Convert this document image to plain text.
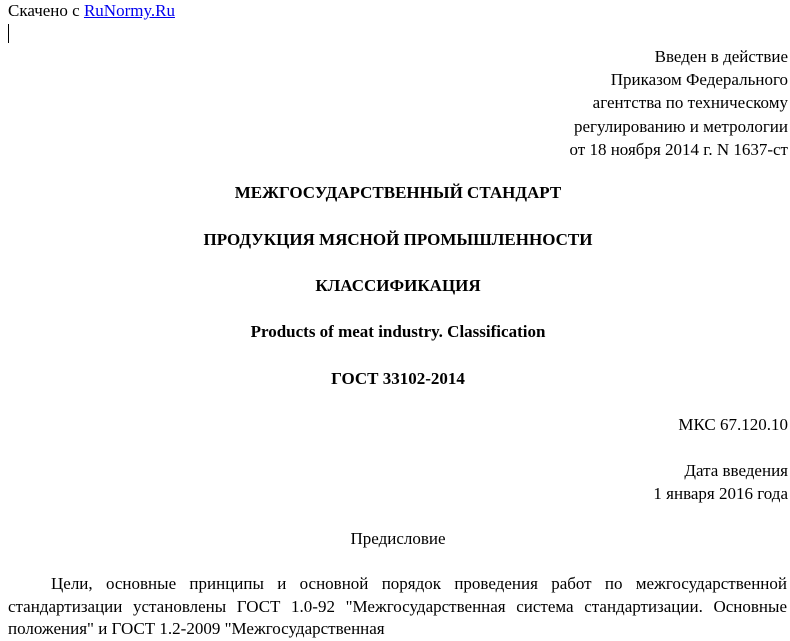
Скачено с RuNormy.Ru
Введен в действие
Приказом Федерального
агентства по техническому
регулированию и метрологии
от 18 ноября 2014 г. N 1637-ст
МЕЖГОСУДАРСТВЕННЫЙ СТАНДАРТ
ПРОДУКЦИЯ МЯСНОЙ ПРОМЫШЛЕННОСТИ
КЛАССИФИКАЦИЯ
Products of meat industry. Classification
ГОСТ 33102-2014
МКС 67.120.10
Дата введения
1 января 2016 года
Предисловие

Цели, основные принципы и основной порядок проведения работ по межгосударственной стандартизации установлены ГОСТ 1.0-92 "Межгосударственная система стандартизации. Основные положения" и ГОСТ 1.2-2009 "Межгосударственная
